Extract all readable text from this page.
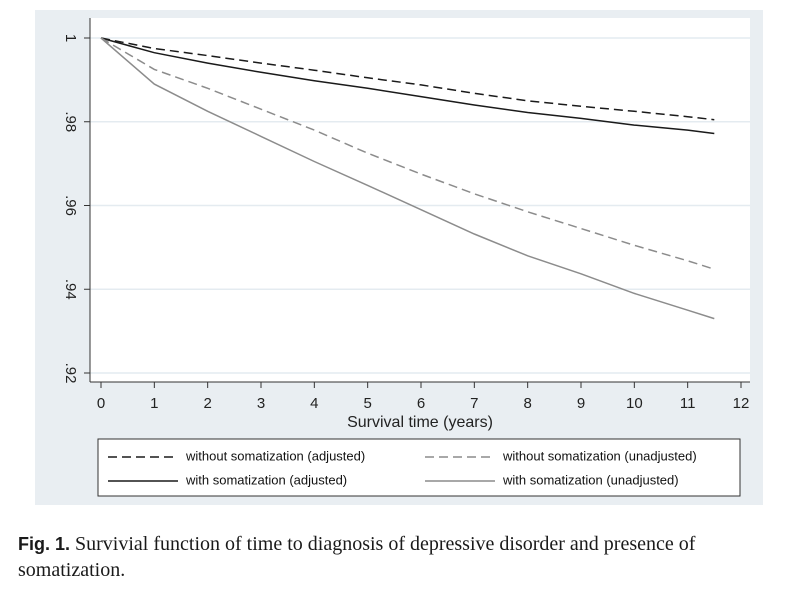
.92
.94
.96
.98
1
0	1	2	3	4	5	6	7	8	9	10 11 12
Survival time (years)
without somatization (adjusted)	without somatization (unadjusted)
with somatization (adjusted)	with somatization (unadjusted)
Fig. 1. Survivial function of time to diagnosis of depressive disorder and presence of somatization.
